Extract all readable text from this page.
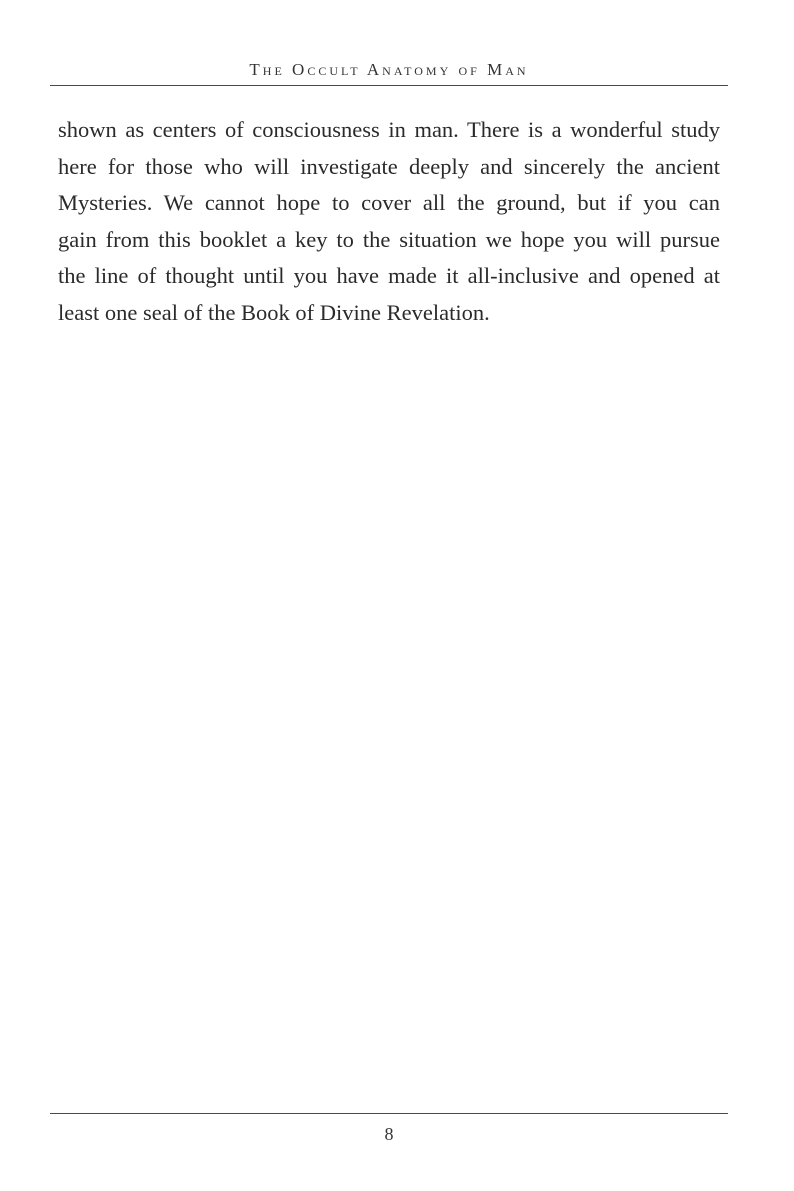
The Occult Anatomy of Man
shown as centers of consciousness in man. There is a wonderful study
here for those who will investigate deeply and sincerely the ancient
Mysteries. We cannot hope to cover all the ground, but if you can
gain from this booklet a key to the situation we hope you will pursue
the line of thought until you have made it all-inclusive and opened at
least one seal of the Book of Divine Revelation.
8
